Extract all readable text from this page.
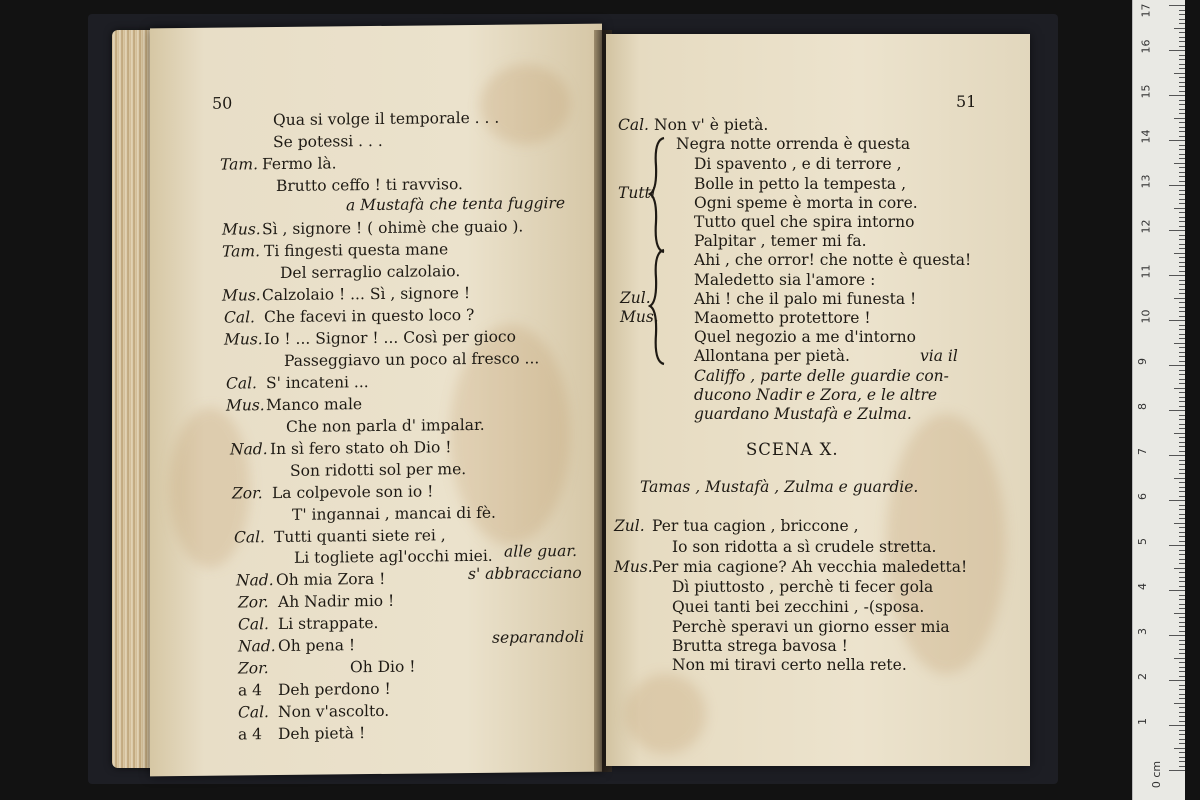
50
Qua si volge il temporale . . .
Se potessi . . .
Tam. Fermo là.
Brutto ceffo ! ti ravviso.
a Mustafà che tenta fuggire
Mus. Sì , signore ! ( ohimè che guaio ).
Tam. Ti fingesti questa mane
Del serraglio calzolaio.
Mus. Calzolaio ! ... Sì , signore !
Cal. Che facevi in questo loco ?
Mus. Io ! ... Signor ! ... Così per gioco
Passeggiavo un poco al fresco ...
Cal. S' incateni ...
Mus. Manco male
Che non parla d' impalar.
Nad. In sì fero stato oh Dio !
Son ridotti sol per me.
Zor. La colpevole son io !
T' ingannai , mancai di fè.
Cal. Tutti quanti siete rei ,
Li togliete agl'occhi miei. alle guar.
Nad. Oh mia Zora !	s' abbracciano
Zor. Ah Nadir mio !
Cal. Li strappate.
Nad. Oh pena !	separandoli
Zor.	Oh Dio !
a 4 Deh perdono !
Cal. Non v'ascolto.
a 4 Deh pietà !
51
Cal. Non v' è pietà.
Tutti
Negra notte orrenda è questa
Di spavento , e di terrore ,
Bolle in petto la tempesta ,
Ogni speme è morta in core.
Tutto quel che spira intorno
Palpitar , temer mi fa.
Zul.
Mus.
Ahi , che orror! che notte è questa!
Maledetto sia l'amore :
Ahi ! che il palo mi funesta !
Maometto protettore !
Quel negozio a me d'intorno
Allontana per pietà.	via il
Califfo , parte delle guardie con-
ducono Nadir e Zora, e le altre
guardano Mustafà e Zulma.
SCENA X.
Tamas , Mustafà , Zulma e guardie.
Zul. Per tua cagion , briccone ,
Io son ridotta a sì crudele stretta.
Mus. Per mia cagione? Ah vecchia maledetta!
Dì piuttosto , perchè ti fecer gola
Quei tanti bei zecchini , -(sposa.
Perchè speravi un giorno esser mia
Brutta strega bavosa !
Non mi tiravi certo nella rete.
0 cm
1
2
3
4
5
6
7
8
9
10
11
12
13
14
15
16
17
